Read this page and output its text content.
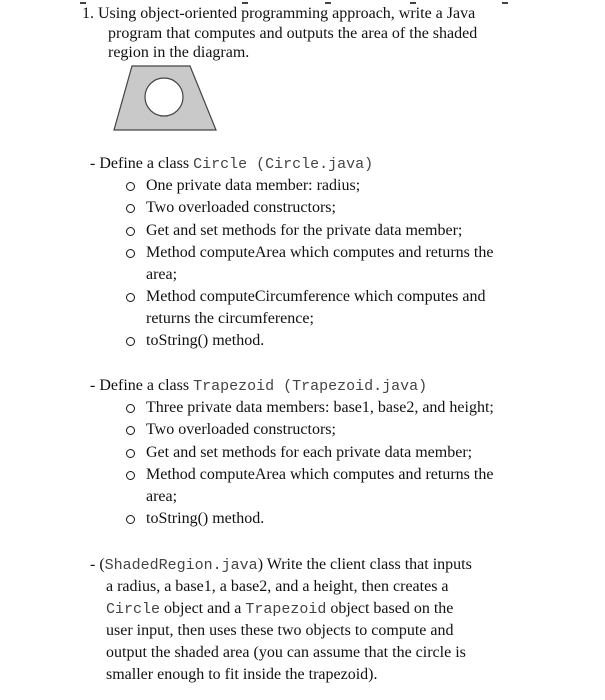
1. Using object-oriented programming approach, write a Java
program that computes and outputs the area of the shaded
region in the diagram.
- Define a class Circle (Circle.java)
One private data member: radius;
Two overloaded constructors;
Get and set methods for the private data member;
Method computeArea which computes and returns the
area;
Method computeCircumference which computes and
returns the circumference;
toString() method.
- Define a class Trapezoid (Trapezoid.java)
Three private data members: base1, base2, and height;
Two overloaded constructors;
Get and set methods for each private data member;
Method computeArea which computes and returns the
area;
toString() method.
- (ShadedRegion.java) Write the client class that inputs
a radius, a base1, a base2, and a height, then creates a
Circle object and a Trapezoid object based on the
user input, then uses these two objects to compute and
output the shaded area (you can assume that the circle is
smaller enough to fit inside the trapezoid).
